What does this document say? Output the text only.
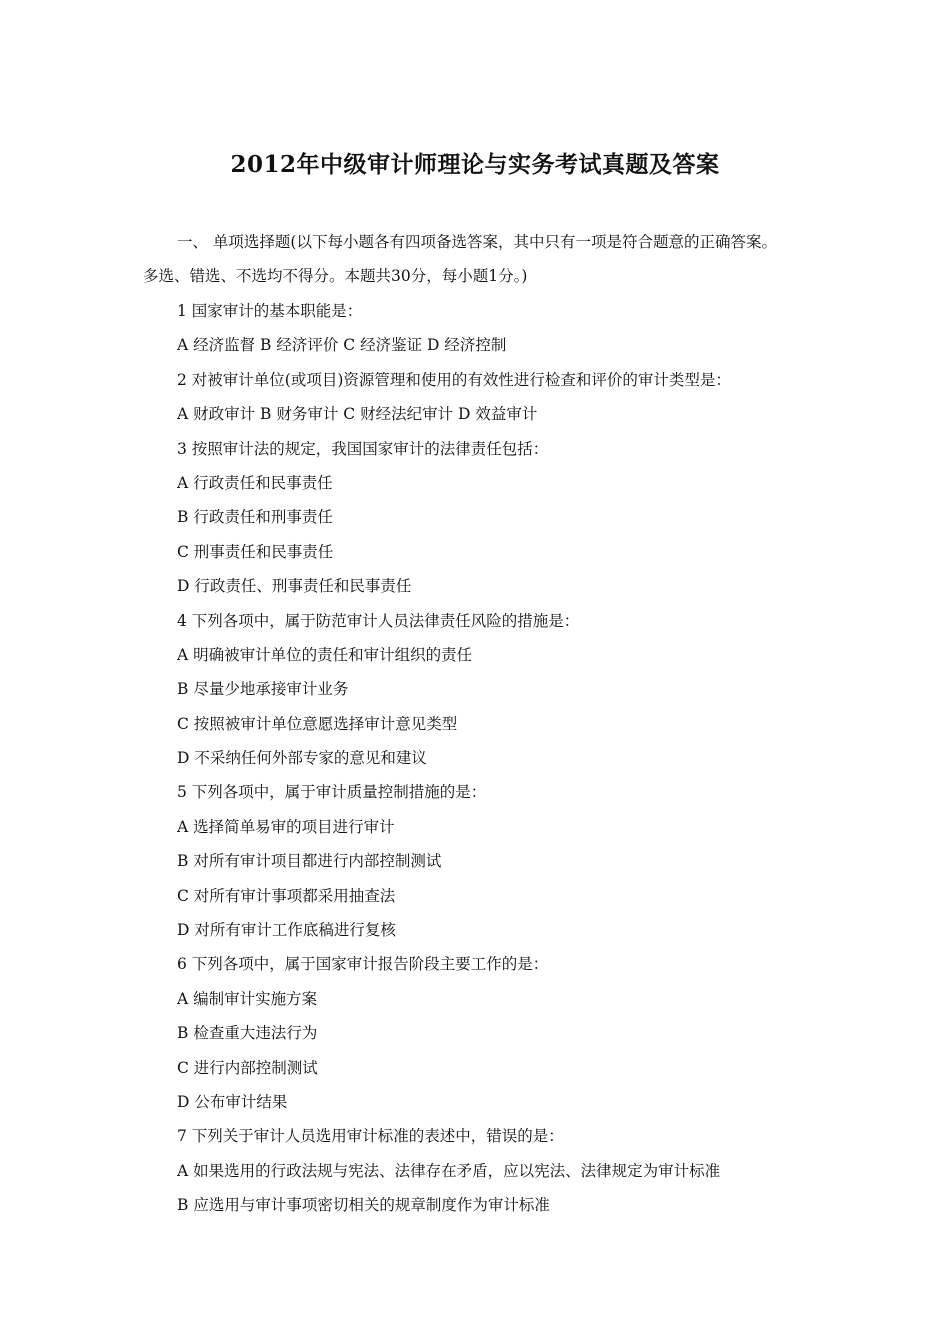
2012年中级审计师理论与实务考试真题及答案
一、 单项选择题(以下每小题各有四项备选答案，其中只有一项是符合题意的正确答案。
多选、错选、不选均不得分。本题共30分，每小题1分。)
1 国家审计的基本职能是：
A 经济监督 B 经济评价 C 经济鉴证 D 经济控制
2 对被审计单位(或项目)资源管理和使用的有效性进行检查和评价的审计类型是：
A 财政审计 B 财务审计 C 财经法纪审计 D 效益审计
3 按照审计法的规定，我国国家审计的法律责任包括：
A 行政责任和民事责任
B 行政责任和刑事责任
C 刑事责任和民事责任
D 行政责任、刑事责任和民事责任
4 下列各项中，属于防范审计人员法律责任风险的措施是：
A 明确被审计单位的责任和审计组织的责任
B 尽量少地承接审计业务
C 按照被审计单位意愿选择审计意见类型
D 不采纳任何外部专家的意见和建议
5 下列各项中，属于审计质量控制措施的是：
A 选择简单易审的项目进行审计
B 对所有审计项目都进行内部控制测试
C 对所有审计事项都采用抽查法
D 对所有审计工作底稿进行复核
6 下列各项中，属于国家审计报告阶段主要工作的是：
A 编制审计实施方案
B 检查重大违法行为
C 进行内部控制测试
D 公布审计结果
7 下列关于审计人员选用审计标准的表述中，错误的是：
A 如果选用的行政法规与宪法、法律存在矛盾，应以宪法、法律规定为审计标准
B 应选用与审计事项密切相关的规章制度作为审计标准
